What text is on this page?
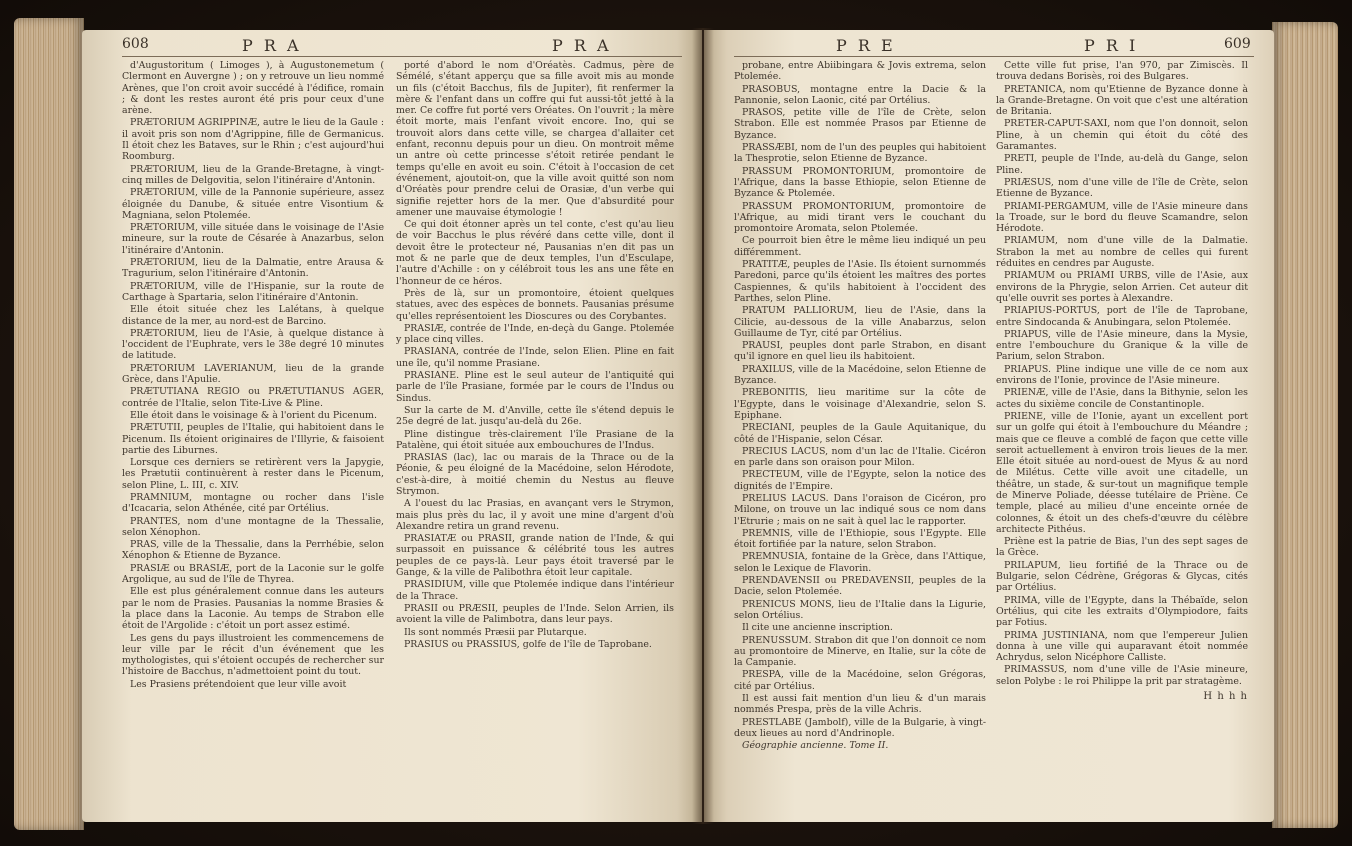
608	P R A	P R A

d'Augustoritum ( Limoges ), à Augustonemetum ( Clermont en Auvergne ) ; on y retrouve un lieu nommé Arènes, que l'on croit avoir succédé à l'édifice, romain ; & dont les restes auront été pris pour ceux d'une arène.

PRÆTORIUM AGRIPPINÆ, autre le lieu de la Gaule : il avoit pris son nom d'Agrippine, fille de Germanicus. Il étoit chez les Bataves, sur le Rhin ; c'est aujourd'hui Roomburg.

PRÆTORIUM, lieu de la Grande-Bretagne, à vingt-cinq milles de Delgovitia, selon l'itinéraire d'Antonin.

PRÆTORIUM, ville de la Pannonie supérieure, assez éloignée du Danube, & située entre Visontium & Magniana, selon Ptolemée.

PRÆTORIUM, ville située dans le voisinage de l'Asie mineure, sur la route de Césarée à Anazarbus, selon l'itinéraire d'Antonin.

PRÆTORIUM, lieu de la Dalmatie, entre Arausa & Tragurium, selon l'itinéraire d'Antonin.

PRÆTORIUM, ville de l'Hispanie, sur la route de Carthage à Spartaria, selon l'itinéraire d'Antonin.

Elle étoit située chez les Lalétans, à quelque distance de la mer, au nord-est de Barcino.

PRÆTORIUM, lieu de l'Asie, à quelque distance à l'occident de l'Euphrate, vers le 38e degré 10 minutes de latitude.

PRÆTORIUM LAVERIANUM, lieu de la grande Grèce, dans l'Apulie.

PRÆTUTIANA REGIO ou PRÆTUTIANUS AGER, contrée de l'Italie, selon Tite-Live & Pline.

Elle étoit dans le voisinage & à l'orient du Picenum.

PRÆTUTII, peuples de l'Italie, qui habitoient dans le Picenum. Ils étoient originaires de l'Illyrie, & faisoient partie des Liburnes.

Lorsque ces derniers se retirèrent vers la Japygie, les Prætutii continuèrent à rester dans le Picenum, selon Pline, L. III, c. XIV.

PRAMNIUM, montagne ou rocher dans l'isle d'Icacaria, selon Athénée, cité par Ortélius.

PRANTES, nom d'une montagne de la Thessalie, selon Xénophon.

PRAS, ville de la Thessalie, dans la Perrhébie, selon Xénophon & Etienne de Byzance.

PRASIÆ ou BRASIÆ, port de la Laconie sur le golfe Argolique, au sud de l'île de Thyrea.

Elle est plus généralement connue dans les auteurs par le nom de Prasies. Pausanias la nomme Brasies & la place dans la Laconie. Au temps de Strabon elle étoit de l'Argolide : c'étoit un port assez estimé.

Les gens du pays illustroient les commencemens de leur ville par le récit d'un événement que les mythologistes, qui s'étoient occupés de rechercher sur l'histoire de Bacchus, n'admettoient point du tout.

Les Prasiens prétendoient que leur ville avoit

porté d'abord le nom d'Oréatès. Cadmus, père de Sémélé, s'étant apperçu que sa fille avoit mis au monde un fils (c'étoit Bacchus, fils de Jupiter), fit renfermer la mère & l'enfant dans un coffre qui fut aussi-tôt jetté à la mer. Ce coffre fut porté vers Oréates. On l'ouvrit ; la mère étoit morte, mais l'enfant vivoit encore. Ino, qui se trouvoit alors dans cette ville, se chargea d'allaiter cet enfant, reconnu depuis pour un dieu. On montroit même un antre où cette princesse s'étoit retirée pendant le temps qu'elle en avoit eu soin. C'étoit à l'occasion de cet événement, ajoutoit-on, que la ville avoit quitté son nom d'Oréatès pour prendre celui de Orasiæ, d'un verbe qui signifie rejetter hors de la mer. Que d'absurdité pour amener une mauvaise étymologie !

Ce qui doit étonner après un tel conte, c'est qu'au lieu de voir Bacchus le plus révéré dans cette ville, dont il devoit être le protecteur né, Pausanias n'en dit pas un mot & ne parle que de deux temples, l'un d'Esculape, l'autre d'Achille : on y célébroit tous les ans une fête en l'honneur de ce héros.

Près de là, sur un promontoire, étoient quelques statues, avec des espèces de bonnets. Pausanias présume qu'elles représentoient les Dioscures ou des Corybantes.

PRASIÆ, contrée de l'Inde, en-deçà du Gange. Ptolemée y place cinq villes.

PRASIANA, contrée de l'Inde, selon Elien. Pline en fait une île, qu'il nomme Prasiane.

PRASIANE. Pline est le seul auteur de l'antiquité qui parle de l'île Prasiane, formée par le cours de l'Indus ou Sindus.

Sur la carte de M. d'Anville, cette île s'étend depuis le 25e degré de lat. jusqu'au-delà du 26e.

Pline distingue très-clairement l'île Prasiane de la Patalène, qui étoit située aux embouchures de l'Indus.

PRASIAS (lac), lac ou marais de la Thrace ou de la Péonie, & peu éloigné de la Macédoine, selon Hérodote, c'est-à-dire, à moitié chemin du Nestus au fleuve Strymon.

A l'ouest du lac Prasias, en avançant vers le Strymon, mais plus près du lac, il y avoit une mine d'argent d'où Alexandre retira un grand revenu.

PRASIATÆ ou PRASII, grande nation de l'Inde, & qui surpassoit en puissance & célébrité tous les autres peuples de ce pays-là. Leur pays étoit traversé par le Gange, & la ville de Palibothra étoit leur capitale.

PRASIDIUM, ville que Ptolemée indique dans l'intérieur de la Thrace.

PRASII ou PRÆSII, peuples de l'Inde. Selon Arrien, ils avoient la ville de Palimbotra, dans leur pays.

Ils sont nommés Præsii par Plutarque.

PRASIUS ou PRASSIUS, golfe de l'île de Taprobane.

P R E	P R I	609

probane, entre Abiibingara & Jovis extrema, selon Ptolemée.

PRASOBUS, montagne entre la Dacie & la Pannonie, selon Laonic, cité par Ortélius.

PRASOS, petite ville de l'île de Crète, selon Strabon. Elle est nommée Prasos par Etienne de Byzance.

PRASSÆBI, nom de l'un des peuples qui habitoient la Thesprotie, selon Etienne de Byzance.

PRASSUM PROMONTORIUM, promontoire de l'Afrique, dans la basse Ethiopie, selon Etienne de Byzance & Ptolemée.

PRASSUM PROMONTORIUM, promontoire de l'Afrique, au midi tirant vers le couchant du promontoire Aromata, selon Ptolemée.

Ce pourroit bien être le même lieu indiqué un peu différemment.

PRATITÆ, peuples de l'Asie. Ils étoient surnommés Paredoni, parce qu'ils étoient les maîtres des portes Caspiennes, & qu'ils habitoient à l'occident des Parthes, selon Pline.

PRATUM PALLIORUM, lieu de l'Asie, dans la Cilicie, au-dessous de la ville Anabarzus, selon Guillaume de Tyr, cité par Ortélius.

PRAUSI, peuples dont parle Strabon, en disant qu'il ignore en quel lieu ils habitoient.

PRAXILUS, ville de la Macédoine, selon Etienne de Byzance.

PREBONITIS, lieu maritime sur la côte de l'Egypte, dans le voisinage d'Alexandrie, selon S. Epiphane.

PRECIANI, peuples de la Gaule Aquitanique, du côté de l'Hispanie, selon César.

PRECIUS LACUS, nom d'un lac de l'Italie. Cicéron en parle dans son oraison pour Milon.

PRECTEUM, ville de l'Egypte, selon la notice des dignités de l'Empire.

PRELIUS LACUS. Dans l'oraison de Cicéron, pro Milone, on trouve un lac indiqué sous ce nom dans l'Etrurie ; mais on ne sait à quel lac le rapporter.

PREMNIS, ville de l'Ethiopie, sous l'Egypte. Elle étoit fortifiée par la nature, selon Strabon.

PREMNUSIA, fontaine de la Grèce, dans l'Attique, selon le Lexique de Flavorin.

PRENDAVENSII ou PREDAVENSII, peuples de la Dacie, selon Ptolemée.

PRENICUS MONS, lieu de l'Italie dans la Ligurie, selon Ortélius.

Il cite une ancienne inscription.

PRENUSSUM. Strabon dit que l'on donnoit ce nom au promontoire de Minerve, en Italie, sur la côte de la Campanie.

PRESPA, ville de la Macédoine, selon Grégoras, cité par Ortélius.

Il est aussi fait mention d'un lieu & d'un marais nommés Prespa, près de la ville Achris.

PRESTLABE (Jambolf), ville de la Bulgarie, à vingt-deux lieues au nord d'Andrinople.

Géographie ancienne. Tome II.

Cette ville fut prise, l'an 970, par Zimiscès. Il trouva dedans Borisès, roi des Bulgares.

PRETANICA, nom qu'Etienne de Byzance donne à la Grande-Bretagne. On voit que c'est une altération de Britania.

PRETER-CAPUT-SAXI, nom que l'on donnoit, selon Pline, à un chemin qui étoit du côté des Garamantes.

PRETI, peuple de l'Inde, au-delà du Gange, selon Pline.

PRIÆSUS, nom d'une ville de l'île de Crète, selon Etienne de Byzance.

PRIAMI-PERGAMUM, ville de l'Asie mineure dans la Troade, sur le bord du fleuve Scamandre, selon Hérodote.

PRIAMUM, nom d'une ville de la Dalmatie. Strabon la met au nombre de celles qui furent réduites en cendres par Auguste.

PRIAMUM ou PRIAMI URBS, ville de l'Asie, aux environs de la Phrygie, selon Arrien. Cet auteur dit qu'elle ouvrit ses portes à Alexandre.

PRIAPIUS-PORTUS, port de l'île de Taprobane, entre Sindocanda & Anubingara, selon Ptolemée.

PRIAPUS, ville de l'Asie mineure, dans la Mysie, entre l'embouchure du Granique & la ville de Parium, selon Strabon.

PRIAPUS. Pline indique une ville de ce nom aux environs de l'Ionie, province de l'Asie mineure.

PRIENÆ, ville de l'Asie, dans la Bithynie, selon les actes du sixième concile de Constantinople.

PRIENE, ville de l'Ionie, ayant un excellent port sur un golfe qui étoit à l'embouchure du Méandre ; mais que ce fleuve a comblé de façon que cette ville seroit actuellement à environ trois lieues de la mer. Elle étoit située au nord-ouest de Myus & au nord de Milétus. Cette ville avoit une citadelle, un théâtre, un stade, & sur-tout un magnifique temple de Minerve Poliade, déesse tutélaire de Priène. Ce temple, placé au milieu d'une enceinte ornée de colonnes, & étoit un des chefs-d'œuvre du célèbre architecte Pithéus.

Priène est la patrie de Bias, l'un des sept sages de la Grèce.

PRILAPUM, lieu fortifié de la Thrace ou de Bulgarie, selon Cédrène, Grégoras & Glycas, cités par Ortélius.

PRIMA, ville de l'Egypte, dans la Thébaïde, selon Ortélius, qui cite les extraits d'Olympiodore, faits par Fotius.

PRIMA JUSTINIANA, nom que l'empereur Julien donna à une ville qui auparavant étoit nommée Achrydus, selon Nicéphore Calliste.

PRIMASSUS, nom d'une ville de l'Asie mineure, selon Polybe : le roi Philippe la prit par stratagème.

H h h h
